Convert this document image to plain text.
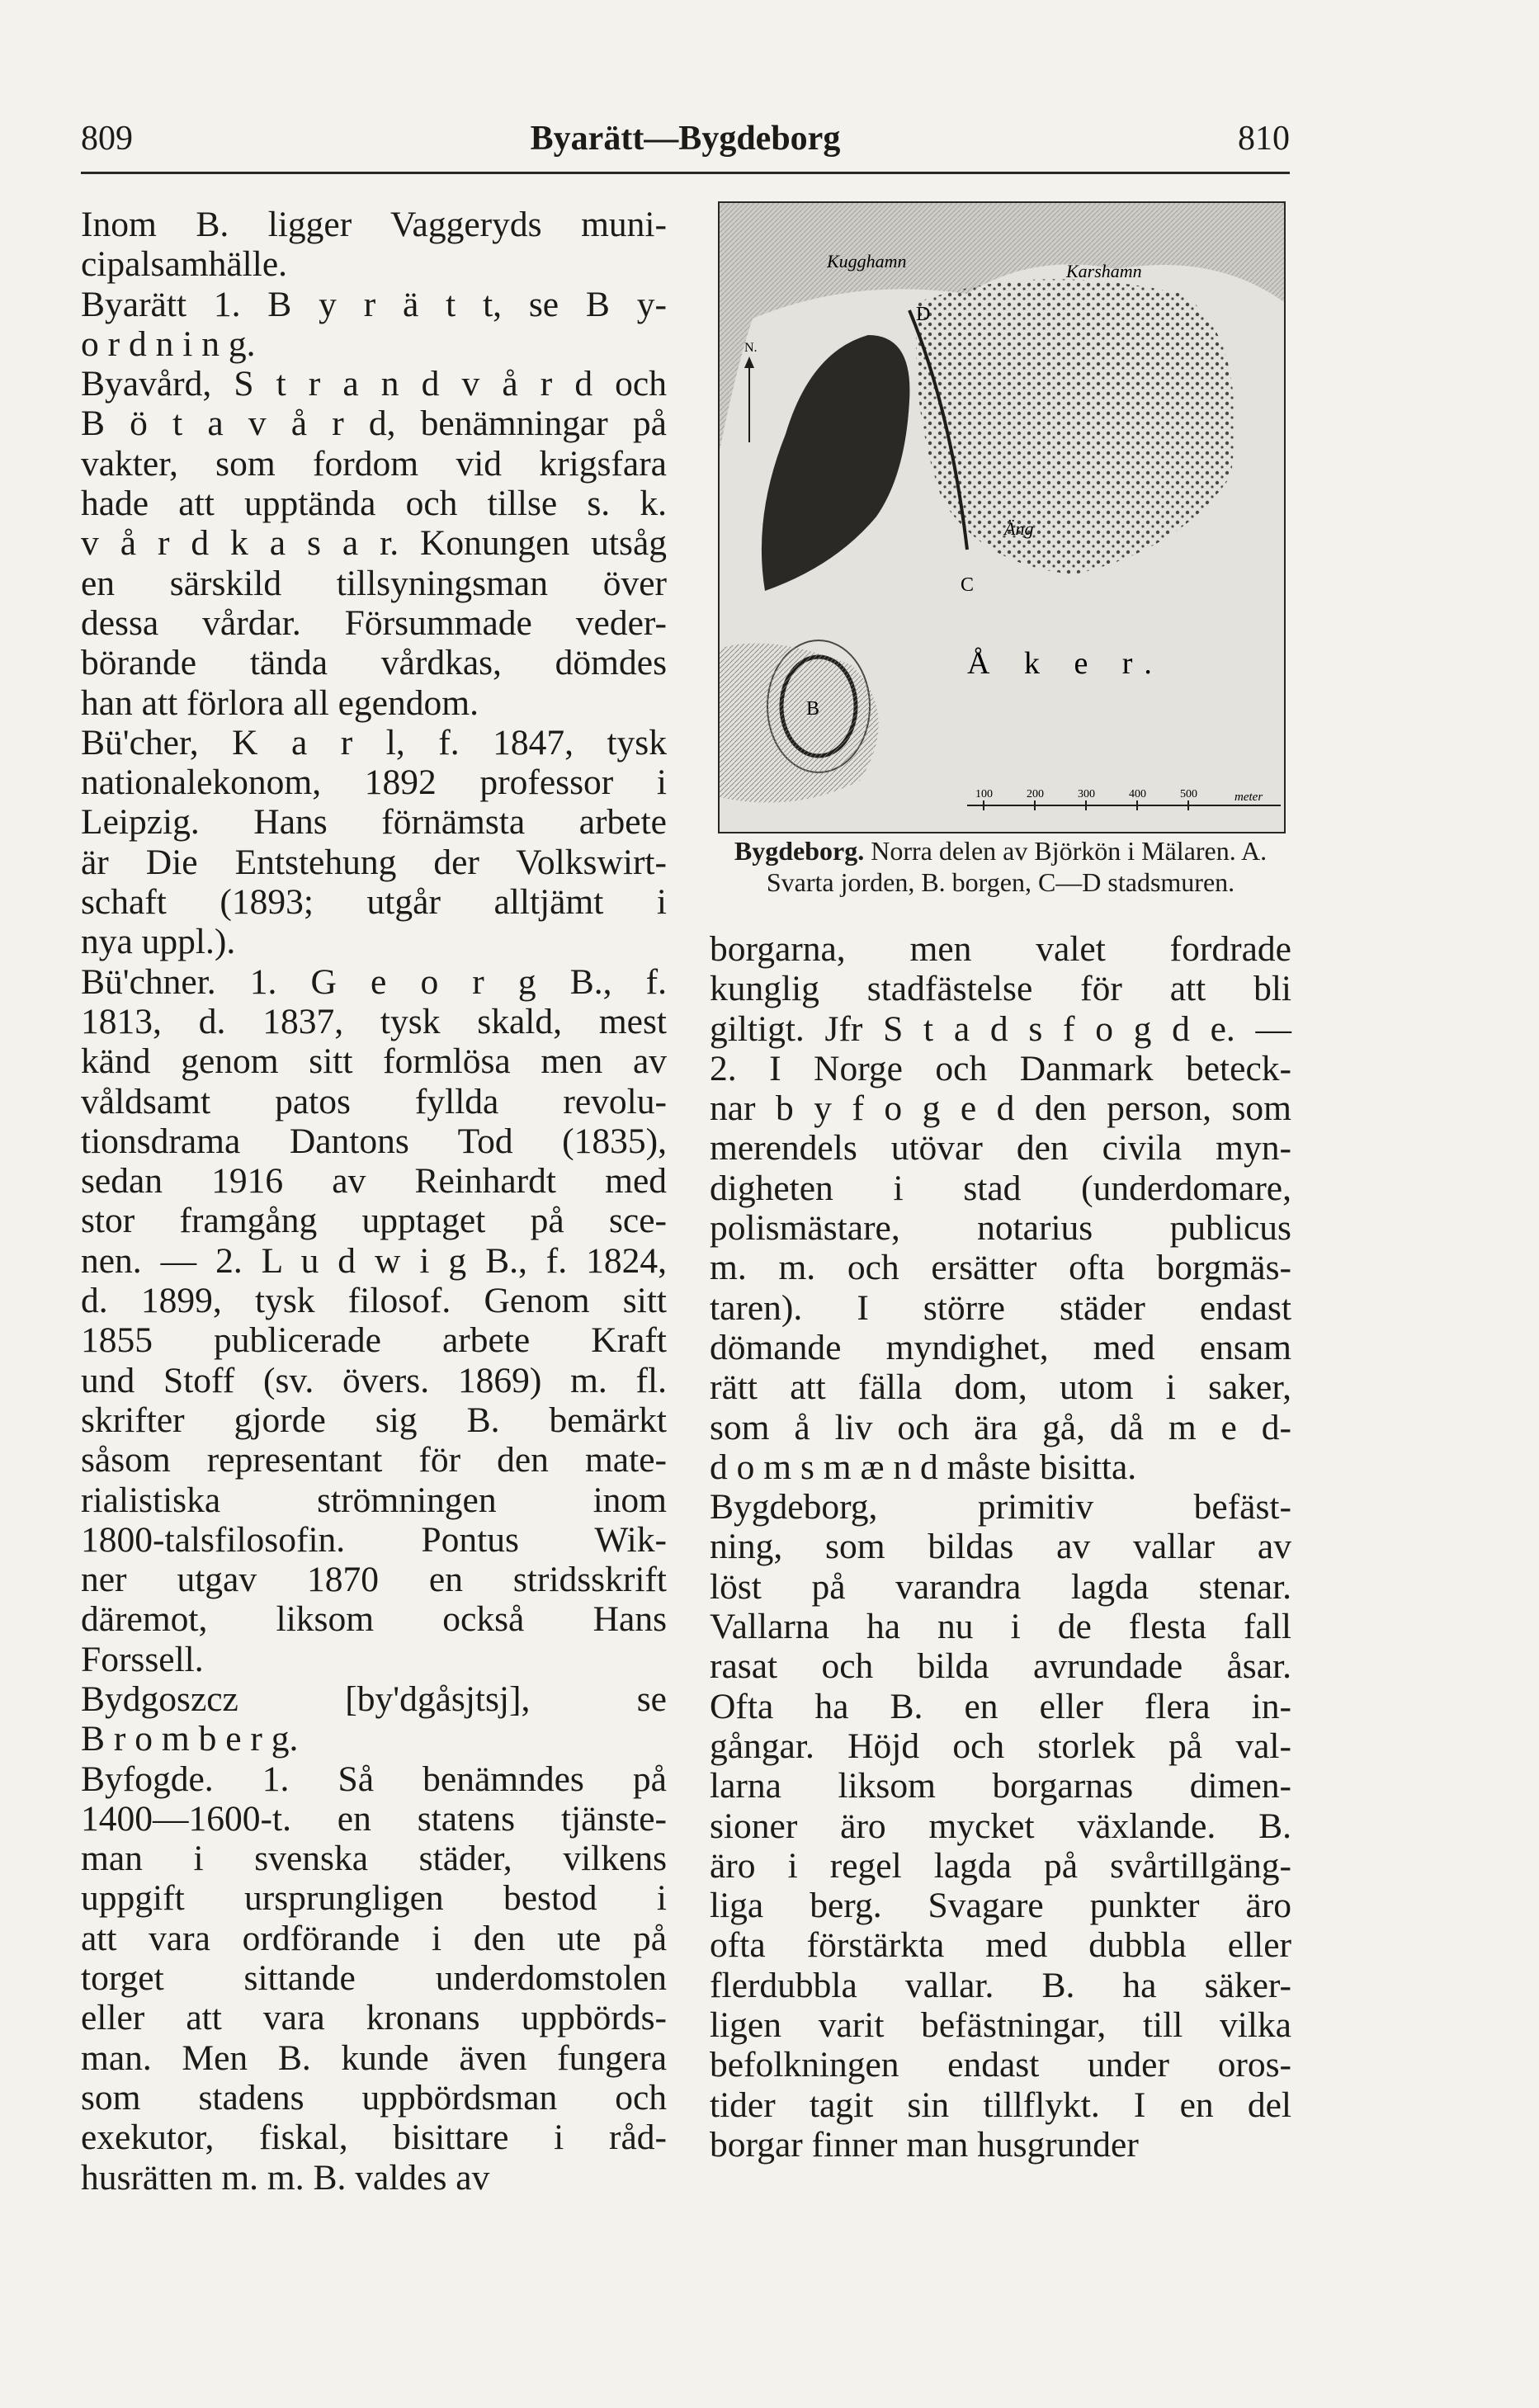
809	Byarätt—Bygdeborg	810
Inom B. ligger Vaggeryds muni-
cipalsamhälle.
Byarätt 1. B y r ä t t, se B y-
o r d n i n g.
Byavård, S t r a n d v å r d och
B ö t a v å r d, benämningar på
vakter, som fordom vid krigsfara
hade att upptända och tillse s. k.
v å r d k a s a r. Konungen utsåg
en särskild tillsyningsman över
dessa vårdar. Försummade veder-
börande tända vårdkas, dömdes
han att förlora all egendom.
Bü'cher, K a r l, f. 1847, tysk
nationalekonom, 1892 professor i
Leipzig. Hans förnämsta arbete
är Die Entstehung der Volkswirt-
schaft (1893; utgår alltjämt i
nya uppl.).
Bü'chner. 1. G e o r g B., f.
1813, d. 1837, tysk skald, mest
känd genom sitt formlösa men av
våldsamt patos fyllda revolu-
tionsdrama Dantons Tod (1835),
sedan 1916 av Reinhardt med
stor framgång upptaget på sce-
nen. — 2. L u d w i g B., f. 1824,
d. 1899, tysk filosof. Genom sitt
1855 publicerade arbete Kraft
und Stoff (sv. övers. 1869) m. fl.
skrifter gjorde sig B. bemärkt
såsom representant för den mate-
rialistiska strömningen inom
1800-talsfilosofin. Pontus Wik-
ner utgav 1870 en stridsskrift
däremot, liksom också Hans
Forssell.
Bydgoszcz [by'dgåsjtsj], se
B r o m b e r g.
Byfogde. 1. Så benämndes på
1400—1600-t. en statens tjänste-
man i svenska städer, vilkens
uppgift ursprungligen bestod i
att vara ordförande i den ute på
torget sittande underdomstolen
eller att vara kronans uppbörds-
man. Men B. kunde även fungera
som stadens uppbördsman och
exekutor, fiskal, bisittare i råd-
husrätten m. m. B. valdes av
Kugghamn	Karshamn
Äng
Å k e r.
A
B
C
D
N.
100	200	300	400	500	meter
Bygdeborg. Norra delen av Björkön i Mälaren. A. Svarta jorden, B. borgen, C—D stadsmuren.
borgarna, men valet fordrade
kunglig stadfästelse för att bli
giltigt. Jfr S t a d s f o g d e. —
2. I Norge och Danmark beteck-
nar b y f o g e d den person, som
merendels utövar den civila myn-
digheten i stad (underdomare,
polismästare, notarius publicus
m. m. och ersätter ofta borgmäs-
taren). I större städer endast
dömande myndighet, med ensam
rätt att fälla dom, utom i saker,
som å liv och ära gå, då m e d-
d o m s m æ n d måste bisitta.
Bygdeborg, primitiv befäst-
ning, som bildas av vallar av
löst på varandra lagda stenar.
Vallarna ha nu i de flesta fall
rasat och bilda avrundade åsar.
Ofta ha B. en eller flera in-
gångar. Höjd och storlek på val-
larna liksom borgarnas dimen-
sioner äro mycket växlande. B.
äro i regel lagda på svårtillgäng-
liga berg. Svagare punkter äro
ofta förstärkta med dubbla eller
flerdubbla vallar. B. ha säker-
ligen varit befästningar, till vilka
befolkningen endast under oros-
tider tagit sin tillflykt. I en del
borgar finner man husgrunder
